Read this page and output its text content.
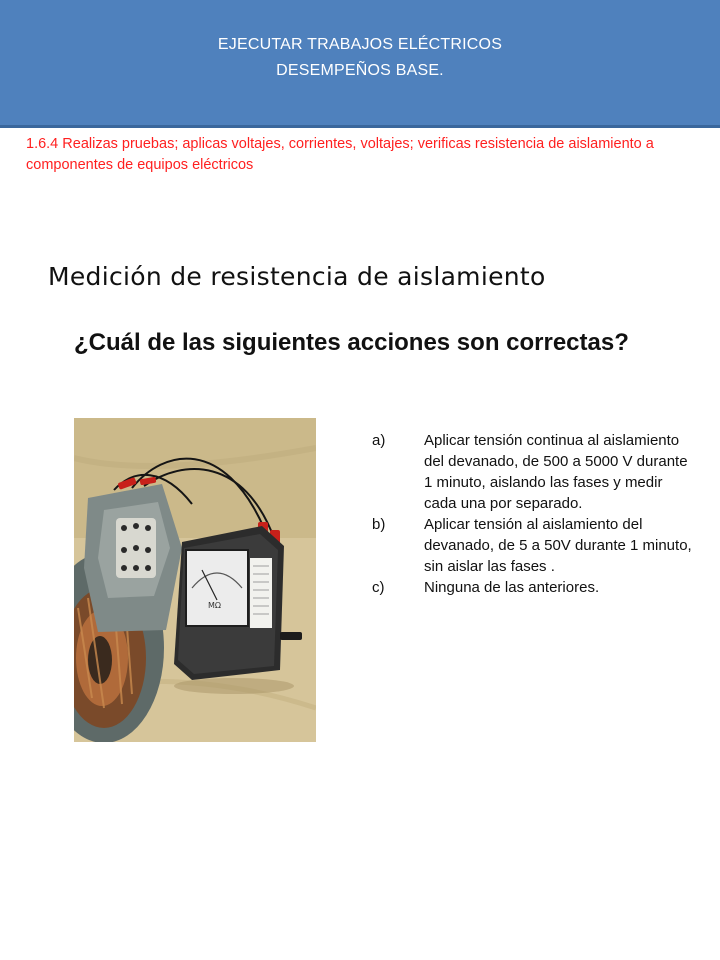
EJECUTAR TRABAJOS ELÉCTRICOS
DESEMPEÑOS BASE.
1.6.4 Realizas pruebas; aplicas voltajes, corrientes, voltajes; verificas resistencia de aislamiento a componentes de equipos eléctricos
Medición de resistencia de aislamiento
¿Cuál de las siguientes acciones son correctas?
MΩ
a)	Aplicar tensión continua al aislamiento del devanado, de 500 a 5000 V durante 1 minuto, aislando las fases y medir cada una por separado.
b)	Aplicar tensión al aislamiento del devanado, de 5 a 50V durante 1 minuto, sin aislar las fases .
c)	Ninguna de las anteriores.
